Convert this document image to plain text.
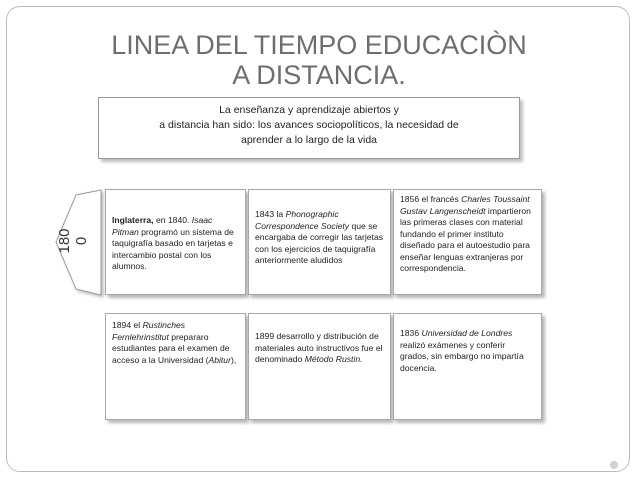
LINEA DEL TIEMPO EDUCACIÒN
A DISTANCIA.
La enseñanza y aprendizaje abiertos y
a distancia han sido: los avances sociopolíticos, la necesidad de
aprender a lo largo de la vida
180 0

Inglaterra, en 1840. Isaac Pitman programó un sistema de taquigrafía basado en tarjetas e intercambio postal con los alumnos.

1843 la Phonographic Correspondence Society que se encargaba de corregir las tarjetas con los ejercicios de taquigrafía anteriormente aludidos

1856 el francés Charles Toussaint Gustav Langenscheidt impartieron las primeras clases con material fundando el primer instituto diseñado para el autoestudio para enseñar lenguas extranjeras por correspondencia.

1894 el Rustinches Fernlehrinstitut prepararo estudiantes para el examen de acceso a la Universidad (Abitur),

1899 desarrollo y distribución de materiales auto instructivos fue el denominado Método Rustin.

1836 Universidad de Londres realizó exámenes y conferir grados, sin embargo no impartía docencia.
